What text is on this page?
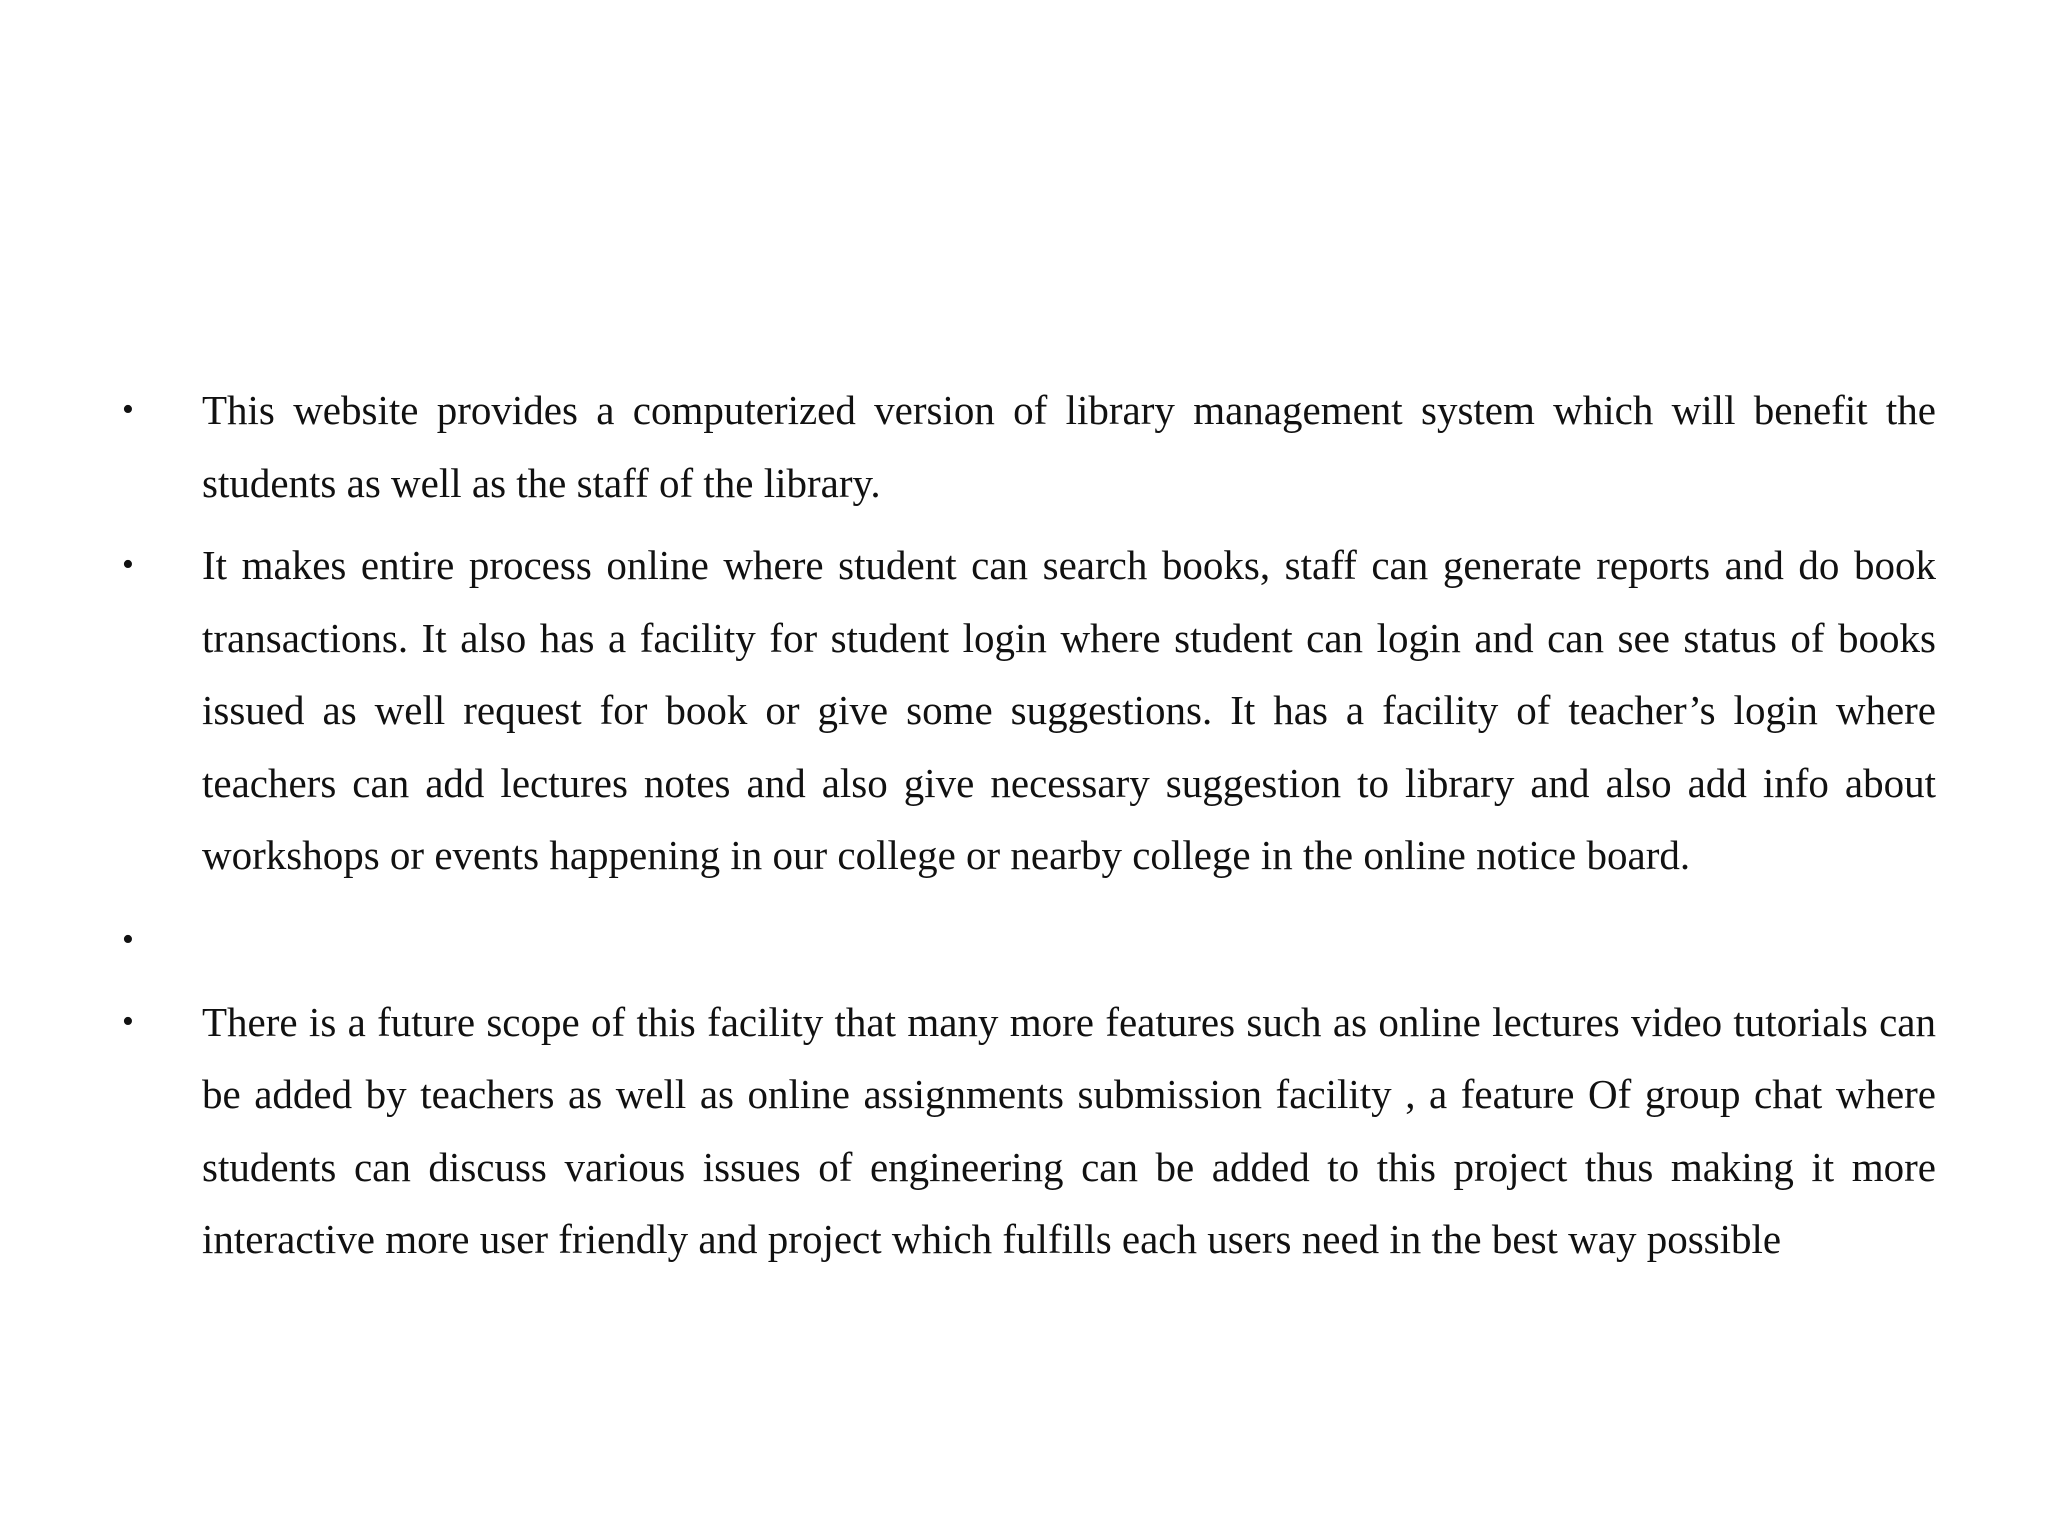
•	This website provides a computerized version of library management system which will benefit the students as well as the staff of the library.
•	It makes entire process online where student can search books, staff can generate reports and do book transactions. It also has a facility for student login where student can login and can see status of books issued as well request for book or give some suggestions. It has a facility of teacher’s login where teachers can add lectures notes and also give necessary suggestion to library and also add info about workshops or events happening in our college or nearby college in the online notice board.
•
•	There is a future scope of this facility that many more features such as online lectures video tutorials can be added by teachers as well as online assignments submission facility , a feature Of group chat where students can discuss various issues of engineering can be added to this project thus making it more interactive more user friendly and project which fulfills each users need in the best way possible
